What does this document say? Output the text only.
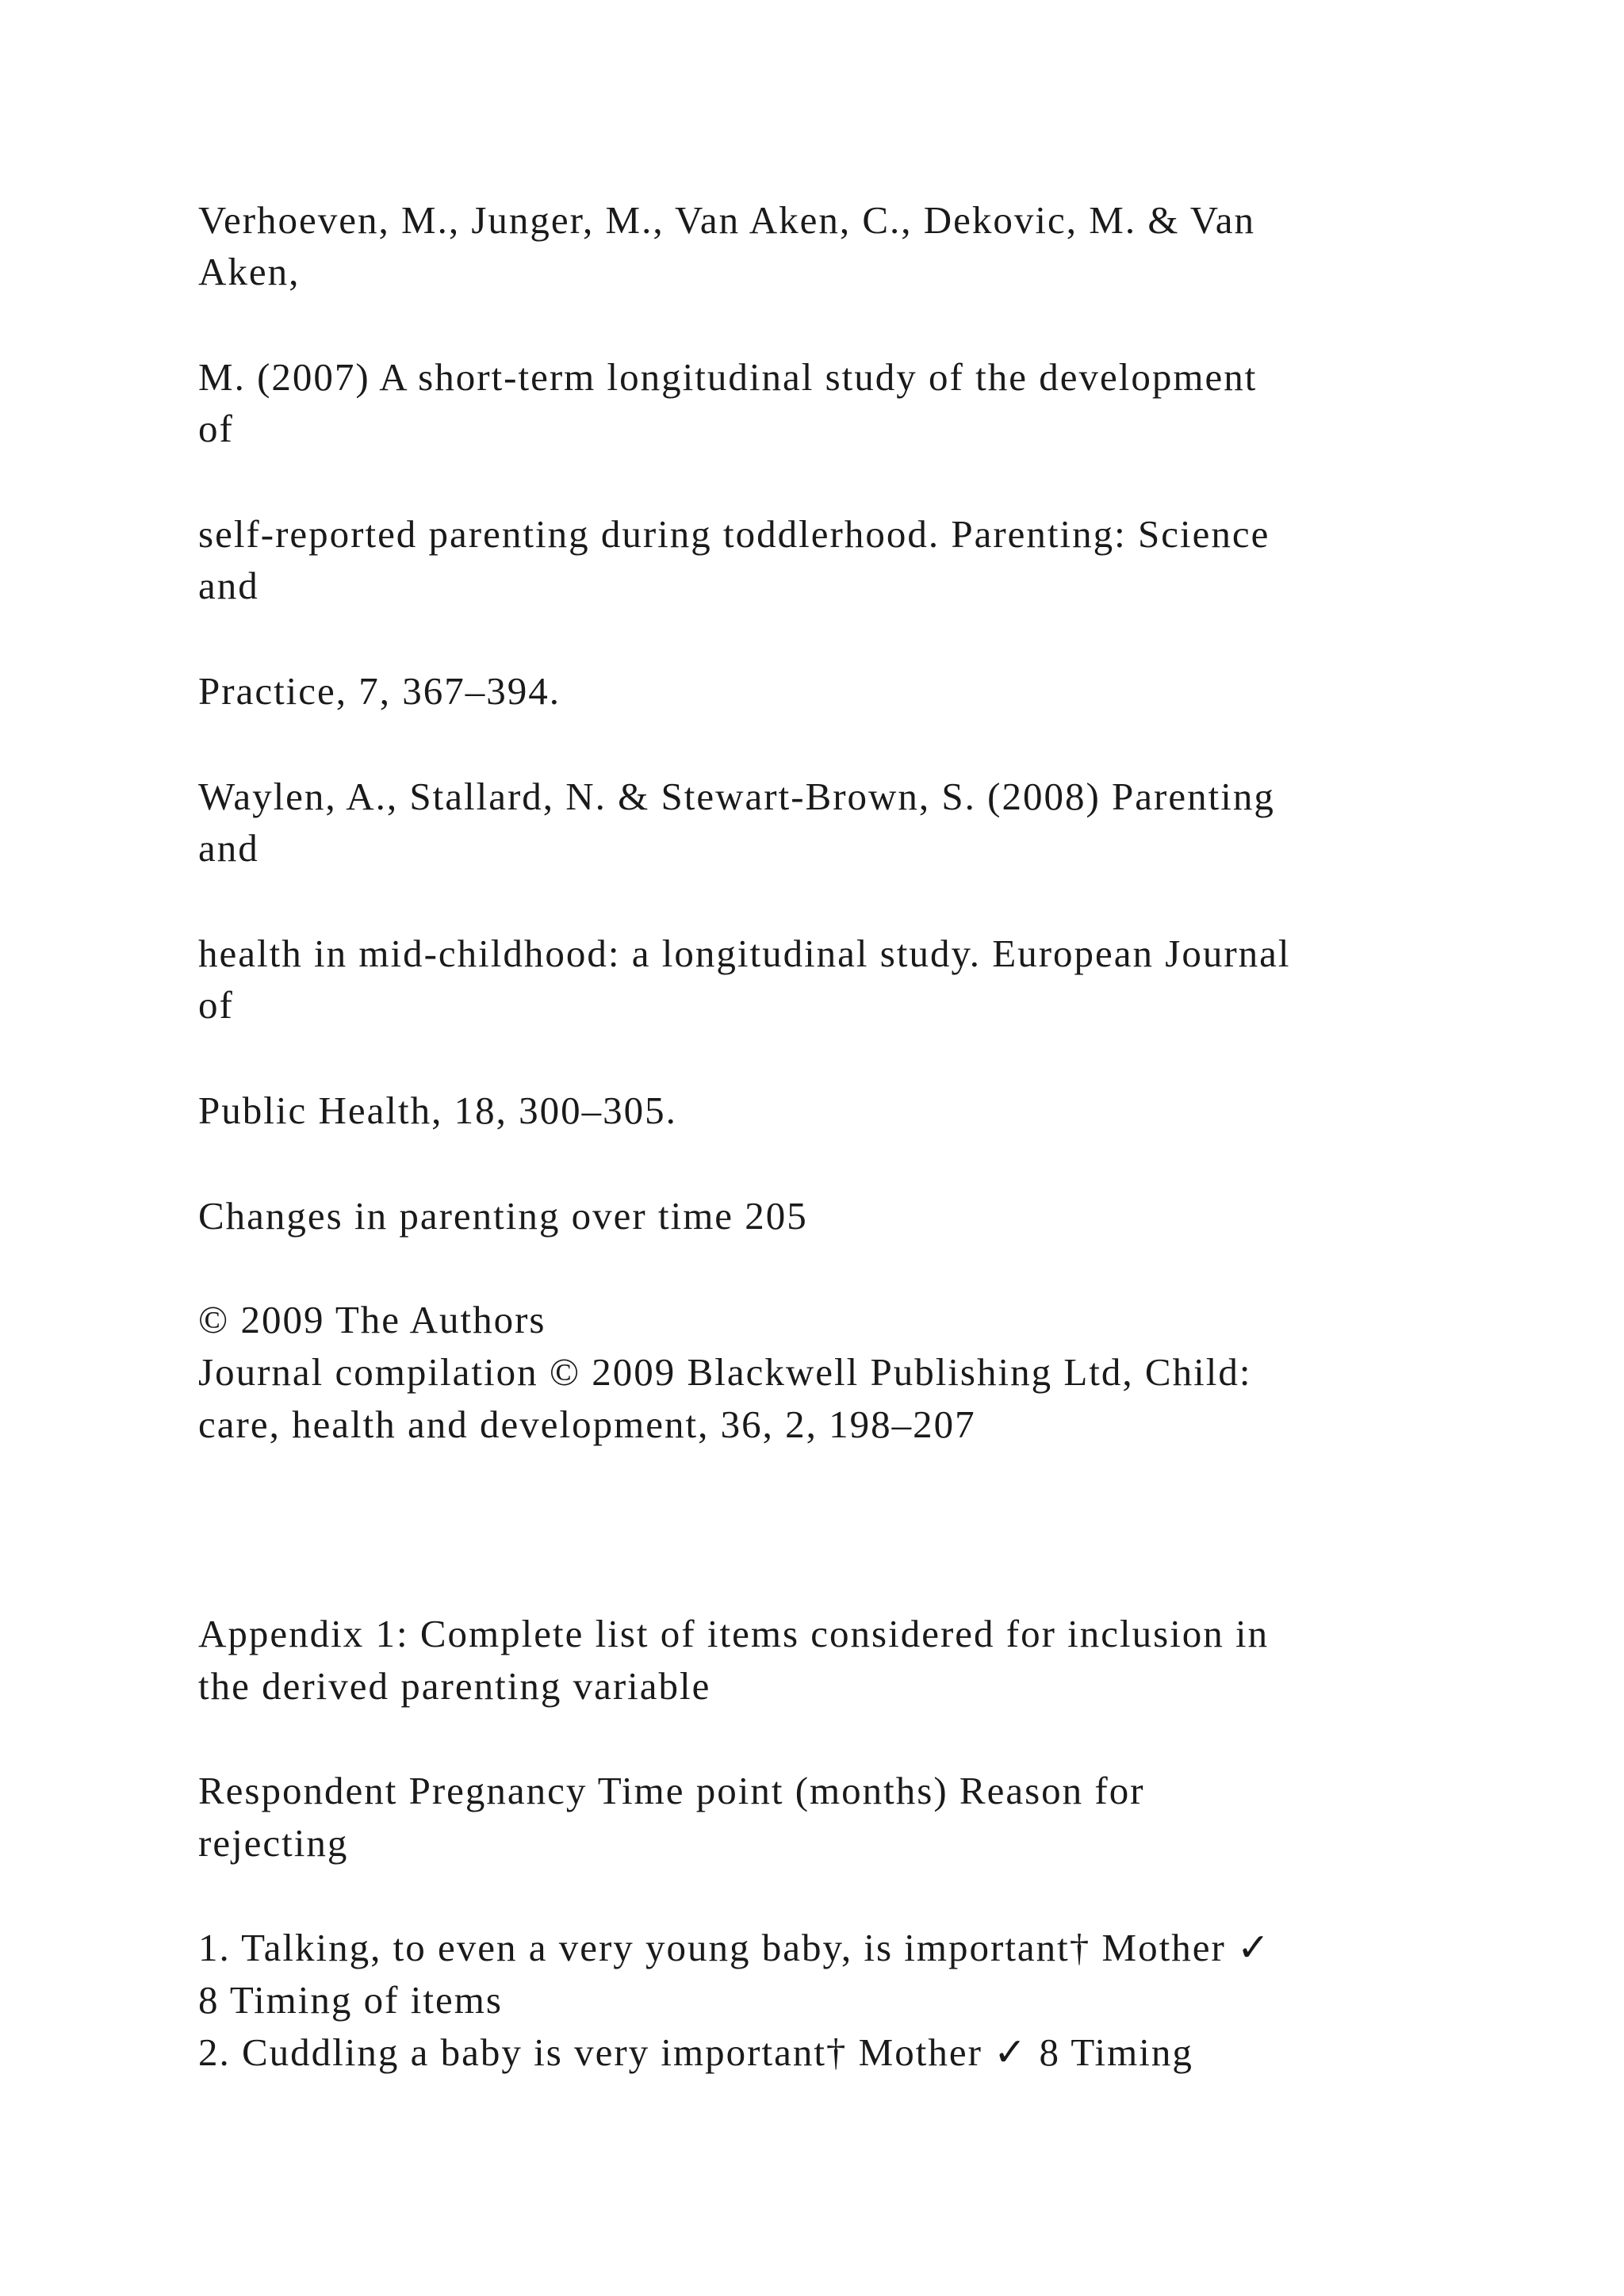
Verhoeven, M., Junger, M., Van Aken, C., Dekovic, M. & Van

Aken,

M. (2007) A short-term longitudinal study of the development

of

self-reported parenting during toddlerhood. Parenting: Science

and

Practice, 7, 367–394.

Waylen, A., Stallard, N. & Stewart-Brown, S. (2008) Parenting

and

health in mid-childhood: a longitudinal study. European Journal

of

Public Health, 18, 300–305.

Changes in parenting over time 205

© 2009 The Authors

Journal compilation © 2009 Blackwell Publishing Ltd, Child:

care, health and development, 36, 2, 198–207

Appendix 1: Complete list of items considered for inclusion in

the derived parenting variable

Respondent Pregnancy Time point (months) Reason for

rejecting

1. Talking, to even a very young baby, is important† Mother ✓

8 Timing of items

2. Cuddling a baby is very important† Mother ✓ 8 Timing
